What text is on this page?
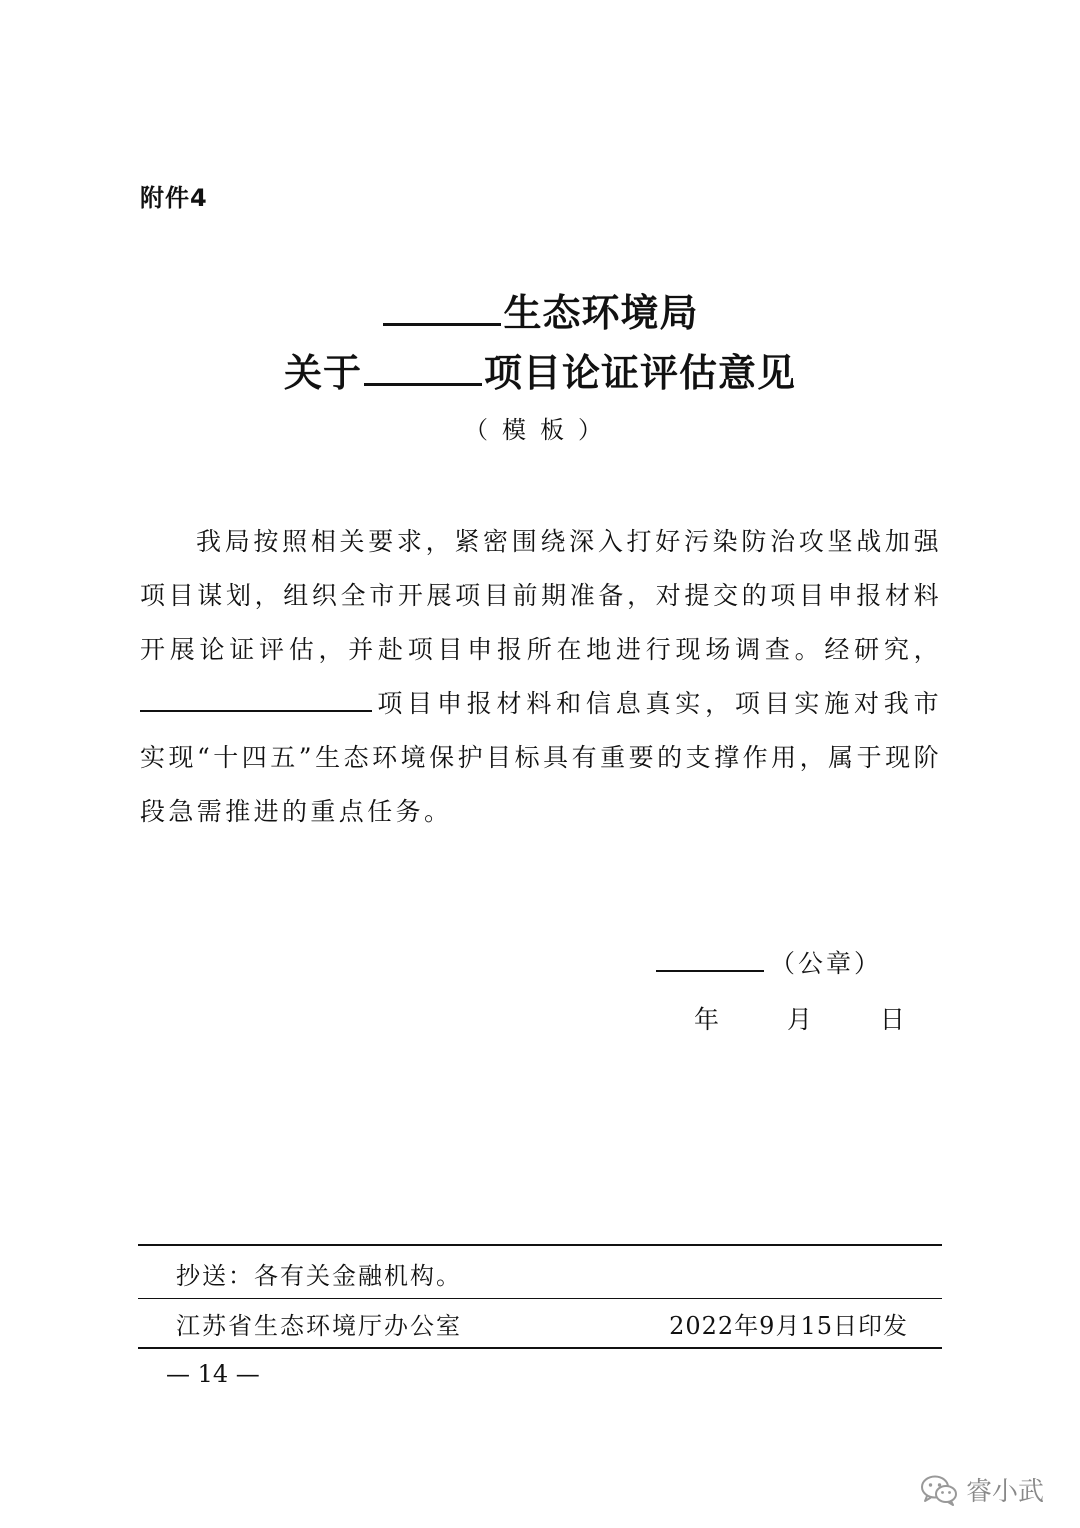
附件4
生态环境局
关于	项目论证评估意见
（模板）

我局按照相关要求，紧密围绕深入打好污染防治攻坚战加强项目谋划，组织全市开展项目前期准备，对提交的项目申报材料开展论证评估，并赴项目申报所在地进行现场调查。经研究，项目申报材料和信息真实，项目实施对我市实现“十四五”生态环境保护目标具有重要的支撑作用，属于现阶段急需推进的重点任务。

（公章）
年 月 日
抄送：各有关金融机构。
江苏省生态环境厅办公室	2022年9月15日印发
— 14 —
睿小武
